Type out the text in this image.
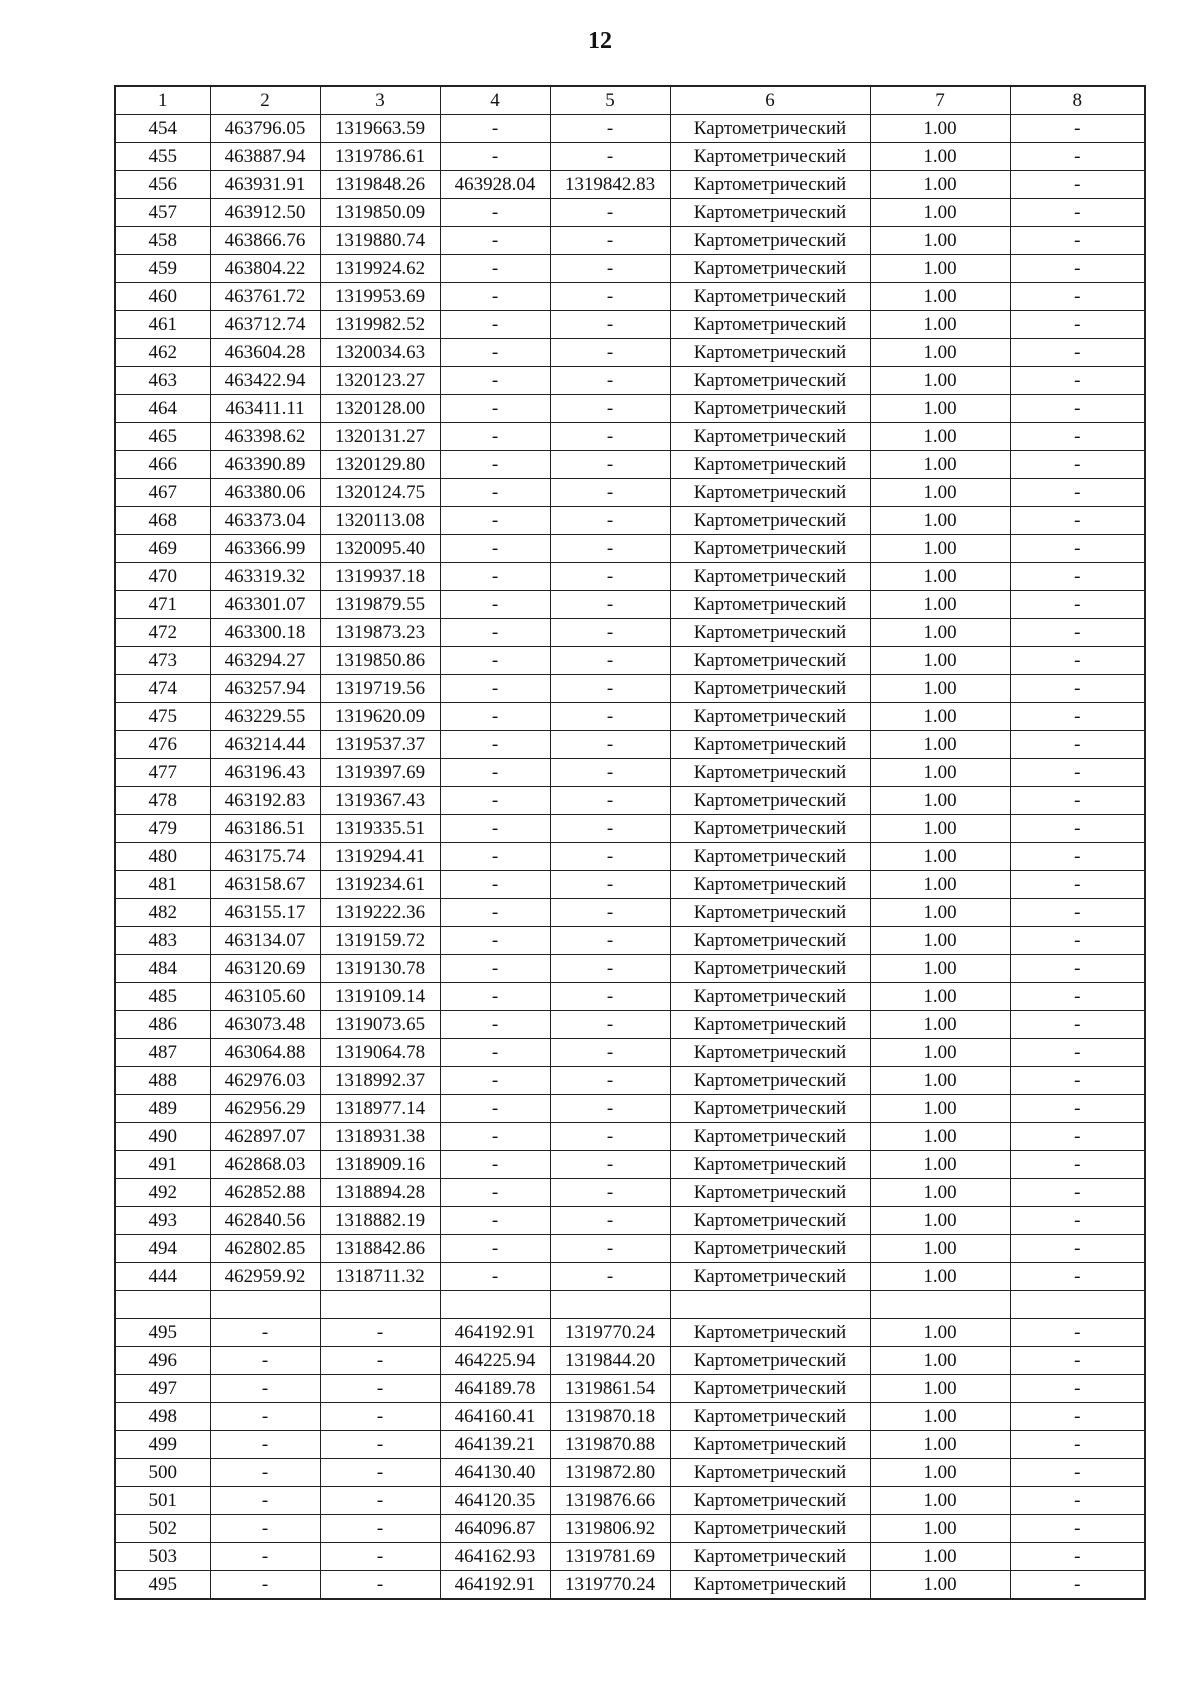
12
1	2	3	4	5	6	7	8
454	463796.05	1319663.59	-	-	Картометрический	1.00	-
455	463887.94	1319786.61	-	-	Картометрический	1.00	-
456	463931.91	1319848.26	463928.04	1319842.83	Картометрический	1.00	-
457	463912.50	1319850.09	-	-	Картометрический	1.00	-
458	463866.76	1319880.74	-	-	Картометрический	1.00	-
459	463804.22	1319924.62	-	-	Картометрический	1.00	-
460	463761.72	1319953.69	-	-	Картометрический	1.00	-
461	463712.74	1319982.52	-	-	Картометрический	1.00	-
462	463604.28	1320034.63	-	-	Картометрический	1.00	-
463	463422.94	1320123.27	-	-	Картометрический	1.00	-
464	463411.11	1320128.00	-	-	Картометрический	1.00	-
465	463398.62	1320131.27	-	-	Картометрический	1.00	-
466	463390.89	1320129.80	-	-	Картометрический	1.00	-
467	463380.06	1320124.75	-	-	Картометрический	1.00	-
468	463373.04	1320113.08	-	-	Картометрический	1.00	-
469	463366.99	1320095.40	-	-	Картометрический	1.00	-
470	463319.32	1319937.18	-	-	Картометрический	1.00	-
471	463301.07	1319879.55	-	-	Картометрический	1.00	-
472	463300.18	1319873.23	-	-	Картометрический	1.00	-
473	463294.27	1319850.86	-	-	Картометрический	1.00	-
474	463257.94	1319719.56	-	-	Картометрический	1.00	-
475	463229.55	1319620.09	-	-	Картометрический	1.00	-
476	463214.44	1319537.37	-	-	Картометрический	1.00	-
477	463196.43	1319397.69	-	-	Картометрический	1.00	-
478	463192.83	1319367.43	-	-	Картометрический	1.00	-
479	463186.51	1319335.51	-	-	Картометрический	1.00	-
480	463175.74	1319294.41	-	-	Картометрический	1.00	-
481	463158.67	1319234.61	-	-	Картометрический	1.00	-
482	463155.17	1319222.36	-	-	Картометрический	1.00	-
483	463134.07	1319159.72	-	-	Картометрический	1.00	-
484	463120.69	1319130.78	-	-	Картометрический	1.00	-
485	463105.60	1319109.14	-	-	Картометрический	1.00	-
486	463073.48	1319073.65	-	-	Картометрический	1.00	-
487	463064.88	1319064.78	-	-	Картометрический	1.00	-
488	462976.03	1318992.37	-	-	Картометрический	1.00	-
489	462956.29	1318977.14	-	-	Картометрический	1.00	-
490	462897.07	1318931.38	-	-	Картометрический	1.00	-
491	462868.03	1318909.16	-	-	Картометрический	1.00	-
492	462852.88	1318894.28	-	-	Картометрический	1.00	-
493	462840.56	1318882.19	-	-	Картометрический	1.00	-
494	462802.85	1318842.86	-	-	Картометрический	1.00	-
444	462959.92	1318711.32	-	-	Картометрический	1.00	-

495	-	-	464192.91	1319770.24	Картометрический	1.00	-
496	-	-	464225.94	1319844.20	Картометрический	1.00	-
497	-	-	464189.78	1319861.54	Картометрический	1.00	-
498	-	-	464160.41	1319870.18	Картометрический	1.00	-
499	-	-	464139.21	1319870.88	Картометрический	1.00	-
500	-	-	464130.40	1319872.80	Картометрический	1.00	-
501	-	-	464120.35	1319876.66	Картометрический	1.00	-
502	-	-	464096.87	1319806.92	Картометрический	1.00	-
503	-	-	464162.93	1319781.69	Картометрический	1.00	-
495	-	-	464192.91	1319770.24	Картометрический	1.00	-
